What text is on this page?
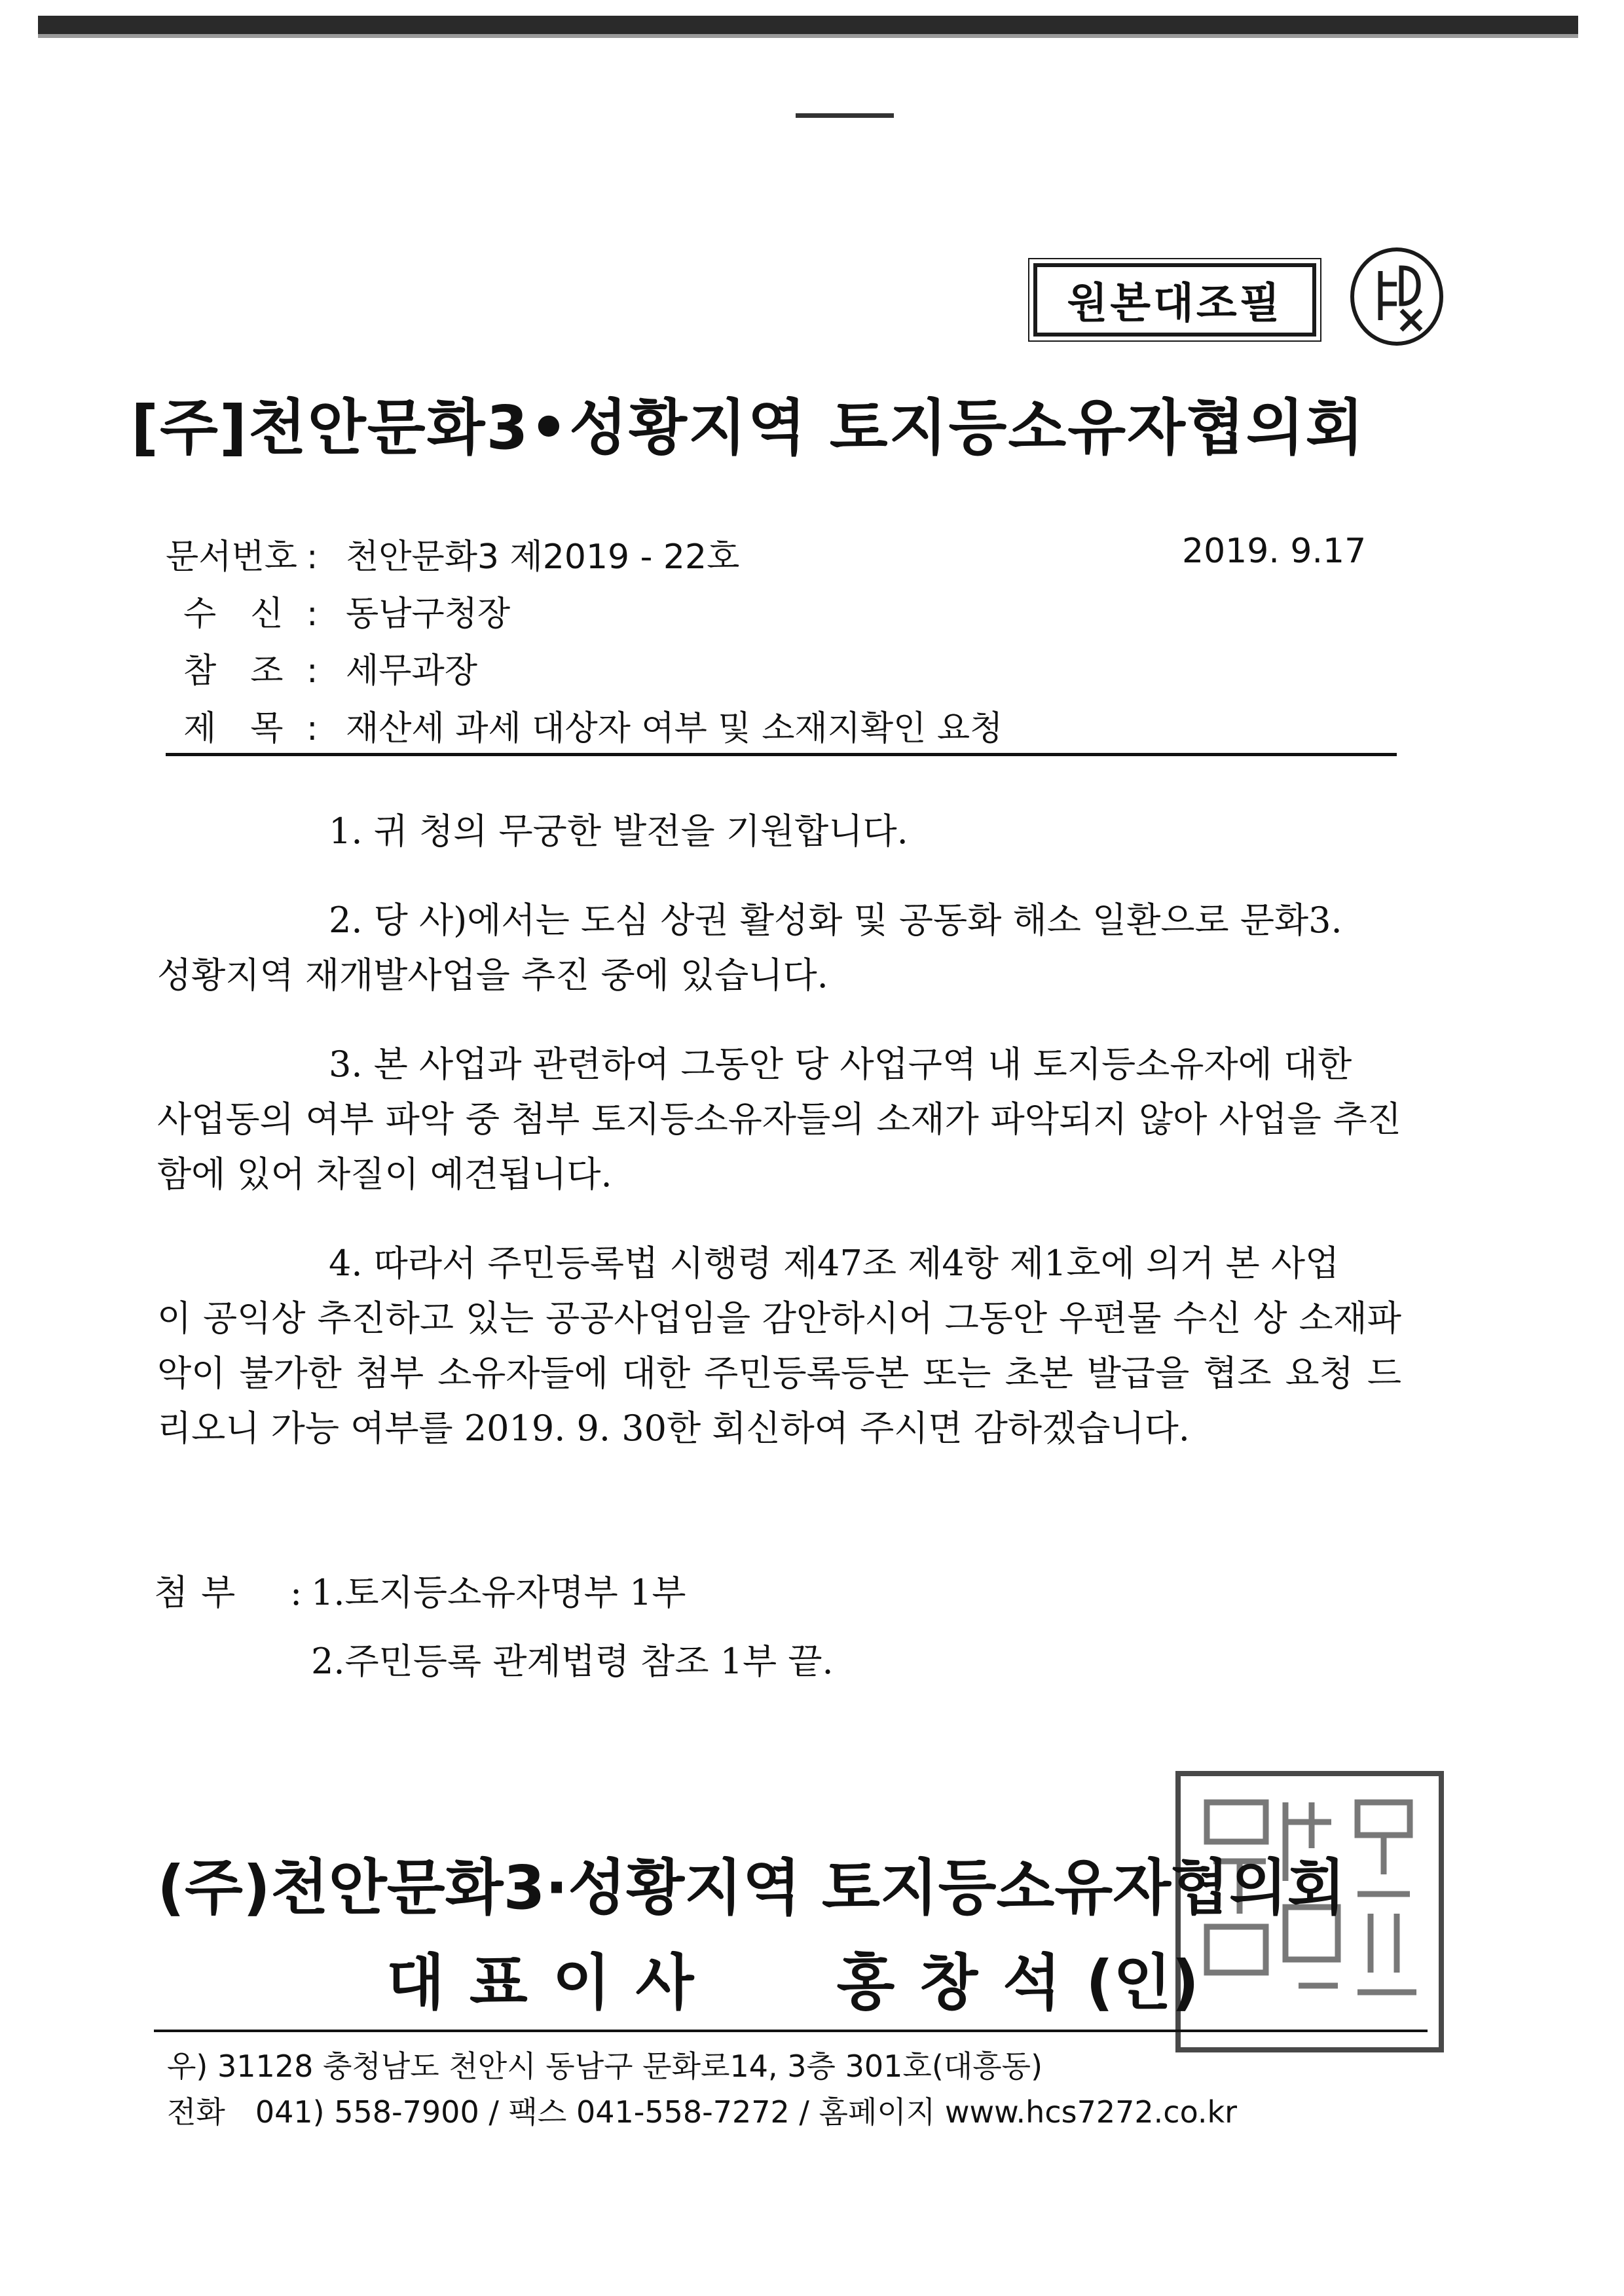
원본대조필
[주]천안문화3•성황지역 토지등소유자협의회
문서번호 : 천안문화3 제2019 - 22호	2019. 9.17
수　신 : 동남구청장
참　조 : 세무과장
제　목 : 재산세 과세 대상자 여부 및 소재지확인 요청
1. 귀 청의 무궁한 발전을 기원합니다.
2. 당 사)에서는 도심 상권 활성화 및 공동화 해소 일환으로 문화3.
성황지역 재개발사업을 추진 중에 있습니다.
3. 본 사업과 관련하여 그동안 당 사업구역 내 토지등소유자에 대한
사업동의 여부 파악 중 첨부 토지등소유자들의 소재가 파악되지 않아 사업을 추진함에 있어 차질이 예견됩니다.
4. 따라서 주민등록법 시행령 제47조 제4항 제1호에 의거 본 사업
이 공익상 추진하고 있는 공공사업임을 감안하시어 그동안 우편물 수신 상 소재파악이 불가한 첨부 소유자들에 대한 주민등록등본 또는 초본 발급을 협조 요청 드리오니 가능 여부를 2019. 9. 30한 회신하여 주시면 감하겠습니다.
첨부 : 1.토지등소유자명부 1부
2.주민등록 관계법령 참조 1부 끝.
(주)천안문화3·성황지역 토지등소유자협의회
대표이사 홍창석(인)
우) 31128 충청남도 천안시 동남구 문화로14, 3층 301호(대흥동)
전화　041) 558-7900 / 팩스 041-558-7272 / 홈페이지 www.hcs7272.co.kr
